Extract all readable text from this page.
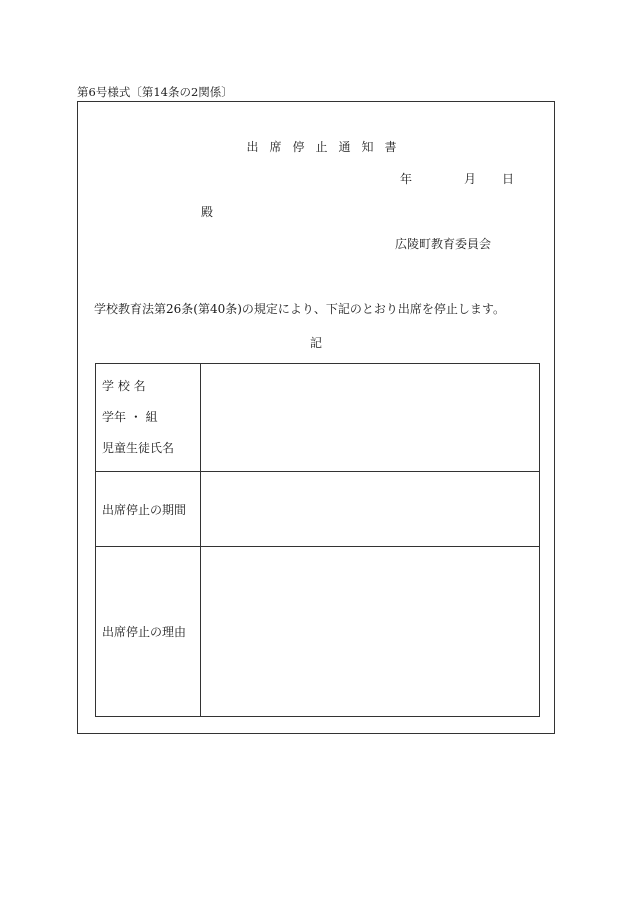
第6号様式〔第14条の2関係〕
出席停止通知書
年	月 日
殿
広陵町教育委員会
学校教育法第26条(第40条)の規定により、下記のとおり出席を停止します。
記
学 校 名
学年 ・ 組
児童生徒氏名	

出席停止の期間	
出席停止の理由	
